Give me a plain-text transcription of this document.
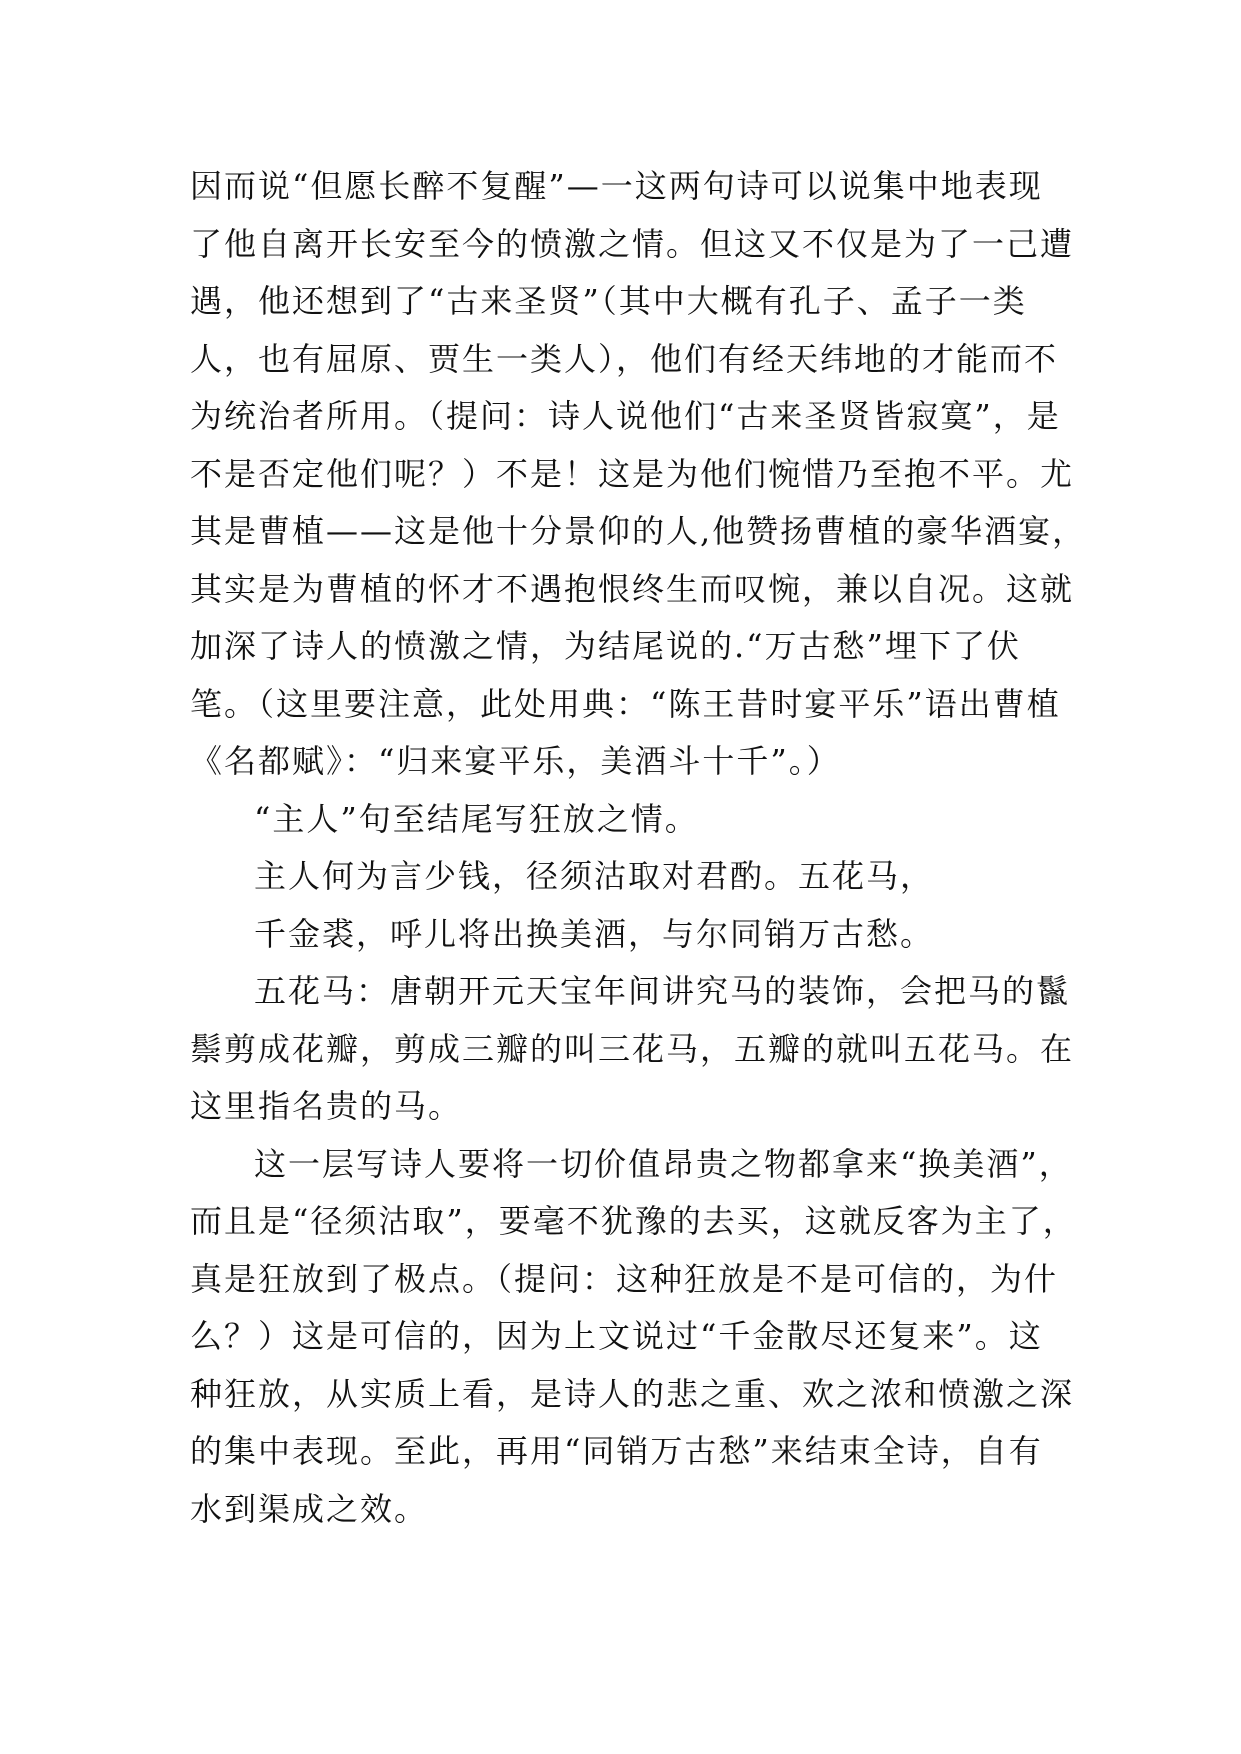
因而说“但愿长醉不复醒”—一这两句诗可以说集中地表现
了他自离开长安至今的愤激之情。但这又不仅是为了一己遭
遇，他还想到了“古来圣贤”（其中大概有孔子、孟子一类
人，也有屈原、贾生一类人），他们有经天纬地的才能而不
为统治者所用。（提问：诗人说他们“古来圣贤皆寂寞”，是
不是否定他们呢？）不是！这是为他们惋惜乃至抱不平。尤
其是曹植——这是他十分景仰的人,他赞扬曹植的豪华酒宴，
其实是为曹植的怀才不遇抱恨终生而叹惋，兼以自况。这就
加深了诗人的愤激之情，为结尾说的.“万古愁”埋下了伏
笔。（这里要注意，此处用典：“陈王昔时宴平乐”语出曹植
《名都赋》：“归来宴平乐，美酒斗十千”。）
“主人”句至结尾写狂放之情。
主人何为言少钱，径须沽取对君酌。五花马，
千金裘，呼儿将出换美酒，与尔同销万古愁。
五花马：唐朝开元天宝年间讲究马的装饰，会把马的鬣
鬃剪成花瓣，剪成三瓣的叫三花马，五瓣的就叫五花马。在
这里指名贵的马。
这一层写诗人要将一切价值昂贵之物都拿来“换美酒”，
而且是“径须沽取”，要毫不犹豫的去买，这就反客为主了，
真是狂放到了极点。（提问：这种狂放是不是可信的，为什
么？）这是可信的，因为上文说过“千金散尽还复来”。这
种狂放，从实质上看，是诗人的悲之重、欢之浓和愤激之深
的集中表现。至此，再用“同销万古愁”来结束全诗，自有
水到渠成之效。
